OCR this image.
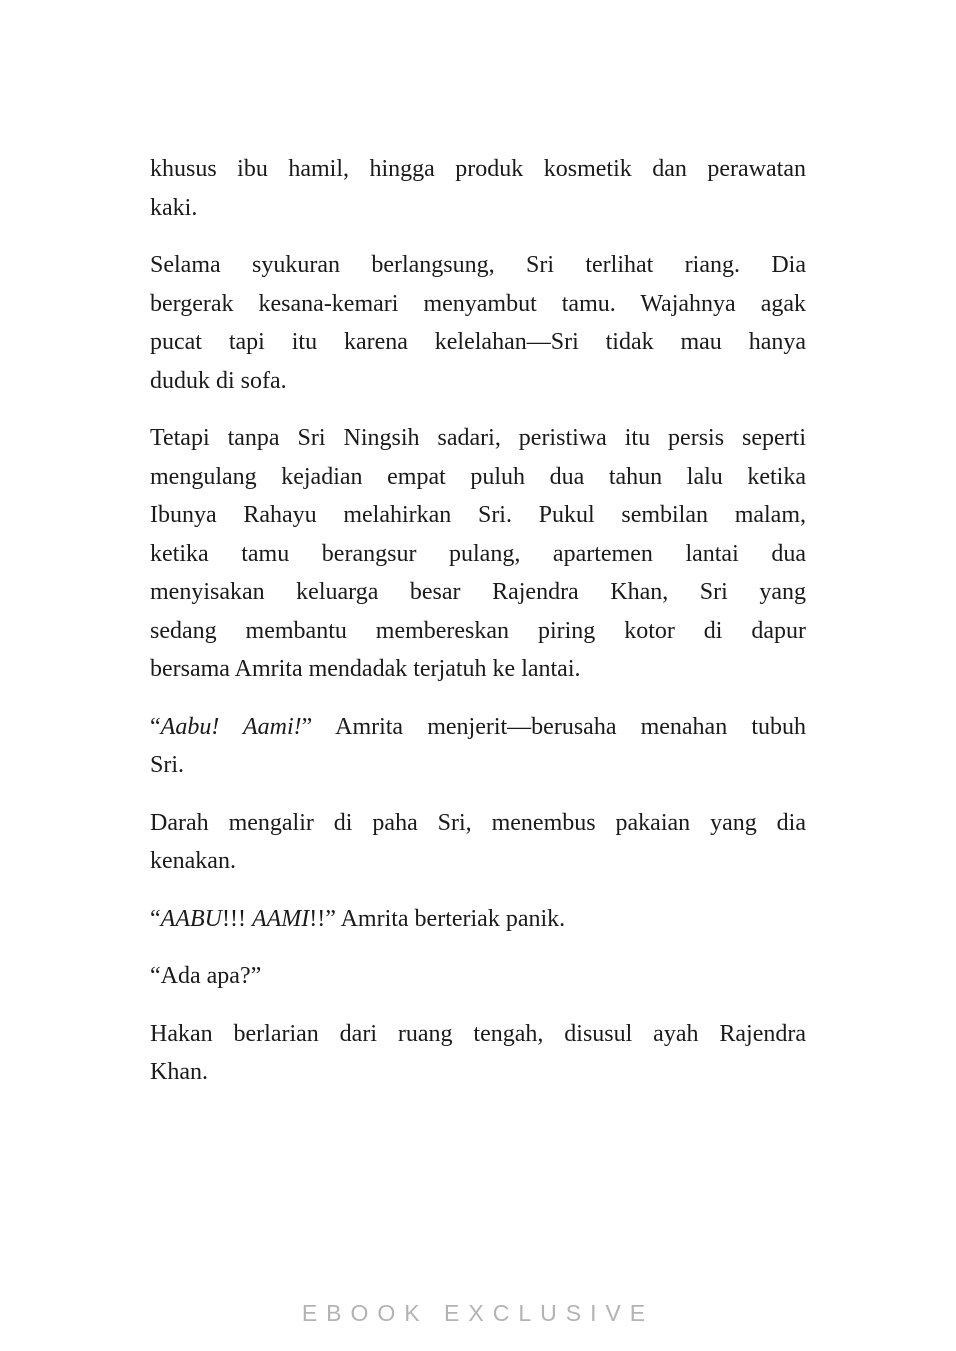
khusus ibu hamil, hingga produk kosmetik dan perawatan
kaki.

Selama syukuran berlangsung, Sri terlihat riang. Dia
bergerak kesana-kemari menyambut tamu. Wajahnya agak
pucat tapi itu karena kelelahan—Sri tidak mau hanya
duduk di sofa.

Tetapi tanpa Sri Ningsih sadari, peristiwa itu persis seperti
mengulang kejadian empat puluh dua tahun lalu ketika
Ibunya Rahayu melahirkan Sri. Pukul sembilan malam,
ketika tamu berangsur pulang, apartemen lantai dua
menyisakan keluarga besar Rajendra Khan, Sri yang
sedang membantu membereskan piring kotor di dapur
bersama Amrita mendadak terjatuh ke lantai.

“Aabu! Aami!” Amrita menjerit—berusaha menahan tubuh
Sri.

Darah mengalir di paha Sri, menembus pakaian yang dia
kenakan.

“AABU!!! AAMI!!” Amrita berteriak panik.

“Ada apa?”

Hakan berlarian dari ruang tengah, disusul ayah Rajendra
Khan.

EBOOK EXCLUSIVE
